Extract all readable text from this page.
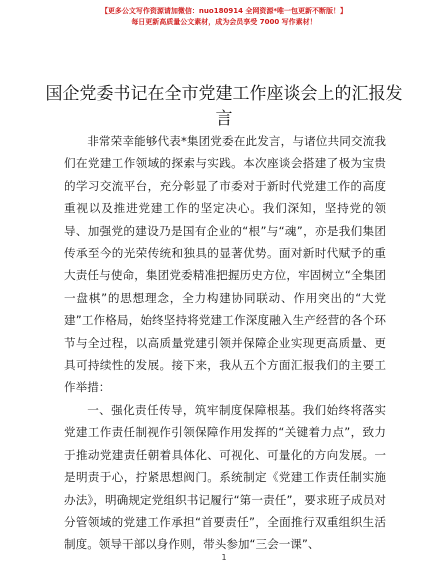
【更多公文写作资源请加微信：nuo180914 全网资源*唯一包更新不断版！】
每日更新高质量公文素材，成为会员享受 7000 写作素材！
国企党委书记在全市党建工作座谈会上的汇报发言

非常荣幸能够代表*集团党委在此发言，与诸位共同交流我们在党建工作领域的探索与实践。本次座谈会搭建了极为宝贵的学习交流平台，充分彰显了市委对于新时代党建工作的高度重视以及推进党建工作的坚定决心。我们深知，坚持党的领导、加强党的建设乃是国有企业的“根”与“魂”，亦是我们集团传承至今的光荣传统和独具的显著优势。面对新时代赋予的重大责任与使命，集团党委精准把握历史方位，牢固树立“全集团一盘棋”的思想理念，全力构建协同联动、作用突出的“大党建”工作格局，始终坚持将党建工作深度融入生产经营的各个环节与全过程，以高质量党建引领并保障企业实现更高质量、更具可持续性的发展。接下来，我从五个方面汇报我们的主要工作举措：

一、强化责任传导，筑牢制度保障根基。我们始终将落实党建工作责任制视作引领保障作用发挥的“关键着力点”，致力于推动党建责任朝着具体化、可视化、可量化的方向发展。一是明责于心，拧紧思想阀门。系统制定《党建工作责任制实施办法》，明确规定党组织书记履行“第一责任”，要求班子成员对分管领域的党建工作承担“首要责任”，全面推行双重组织生活制度。领导干部以身作则，带头参加“三会一课”、

1
